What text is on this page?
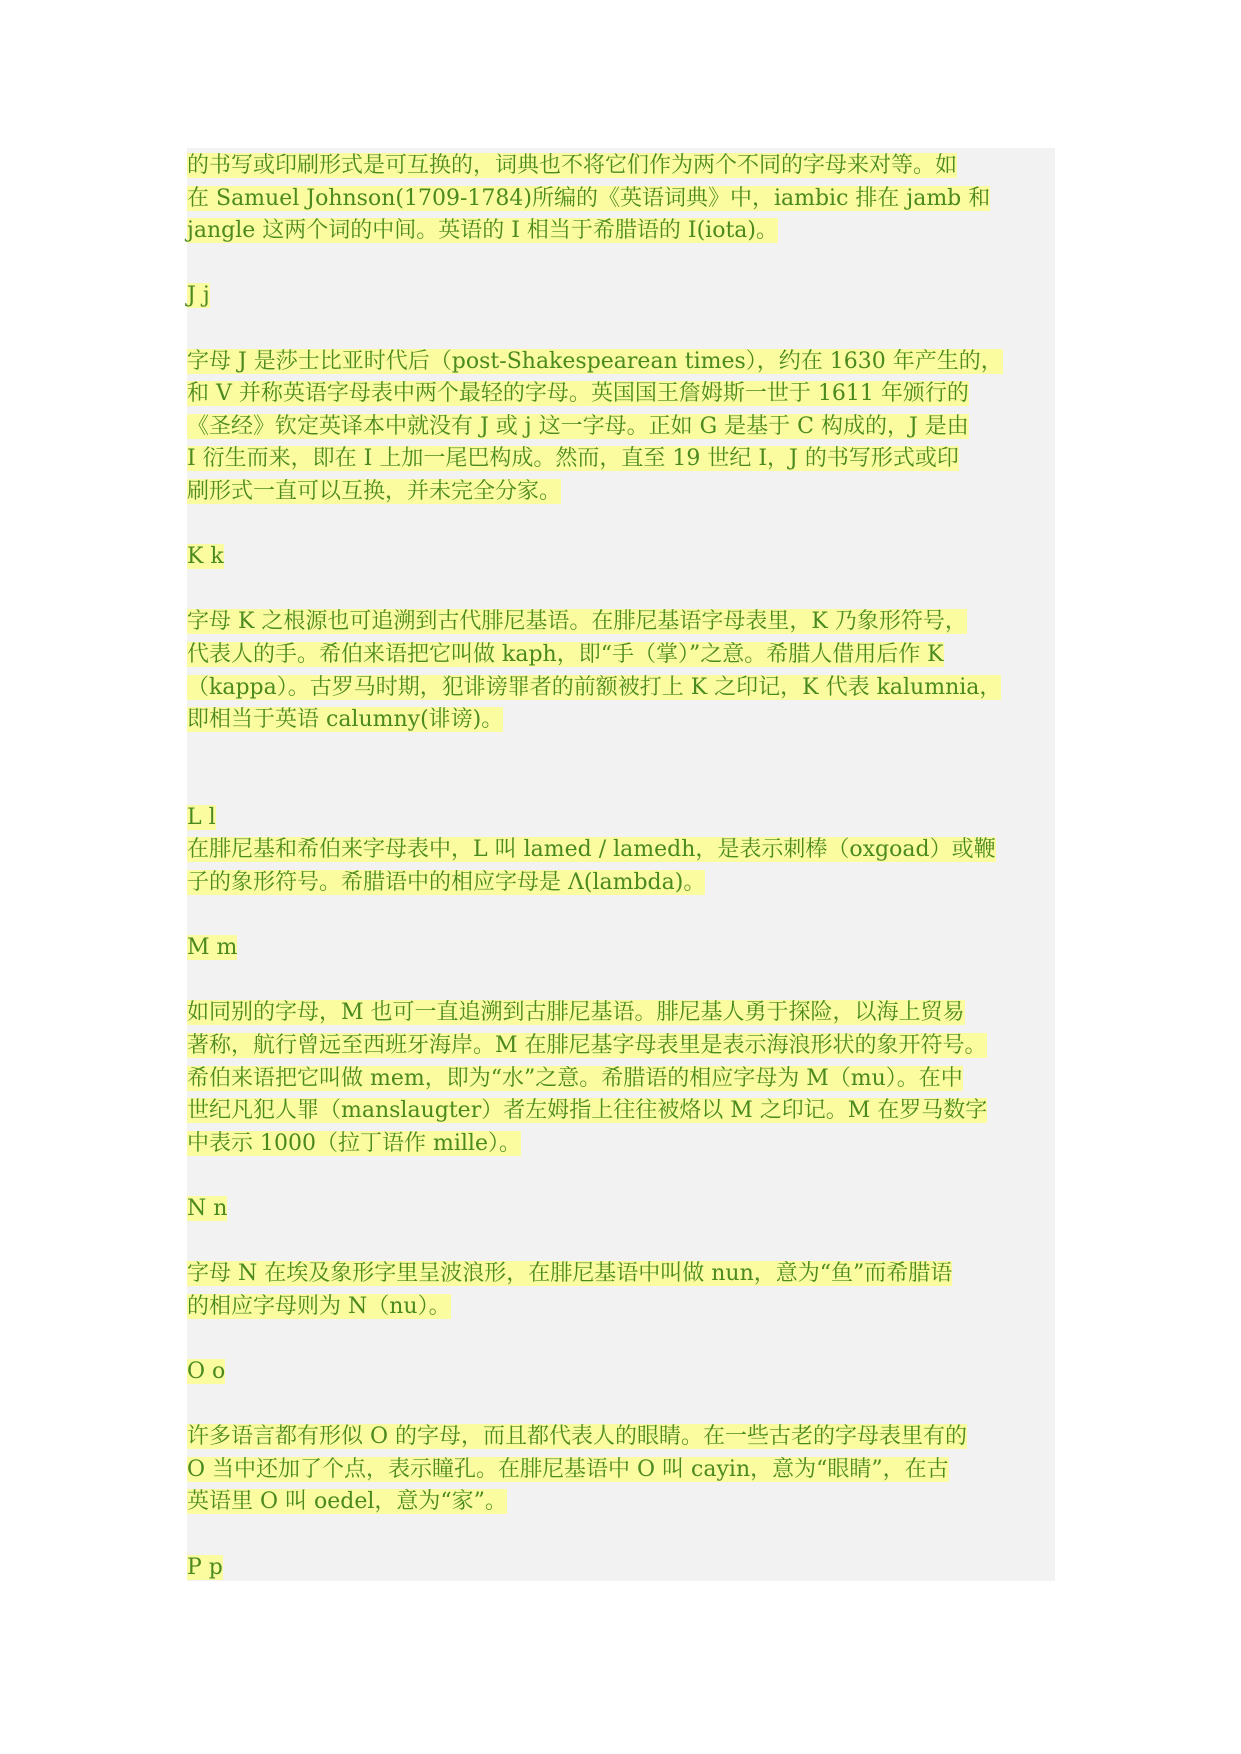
的书写或印刷形式是可互换的，词典也不将它们作为两个不同的字母来对等。如
在 Samuel Johnson(1709-1784)所编的《英语词典》中，iambic 排在 jamb 和
jangle 这两个词的中间。英语的 I 相当于希腊语的 I(iota)。
J j
字母 J 是莎士比亚时代后（post-Shakespearean times），约在 1630 年产生的，
和 V 并称英语字母表中两个最轻的字母。英国国王詹姆斯一世于 1611 年颁行的
《圣经》钦定英译本中就没有 J 或 j 这一字母。正如 G 是基于 C 构成的，J 是由
I 衍生而来，即在 I 上加一尾巴构成。然而，直至 19 世纪 I，J 的书写形式或印
刷形式一直可以互换，并未完全分家。
K k
字母 K 之根源也可追溯到古代腓尼基语。在腓尼基语字母表里，K 乃象形符号，
代表人的手。希伯来语把它叫做 kaph，即“手（掌）”之意。希腊人借用后作 K
（kappa）。古罗马时期，犯诽谤罪者的前额被打上 K 之印记，K 代表 kalumnia，
即相当于英语 calumny(诽谤)。
L l
在腓尼基和希伯来字母表中，L 叫 lamed / lamedh，是表示刺棒（oxgoad）或鞭
子的象形符号。希腊语中的相应字母是 Λ(lambda)。
M m
如同别的字母，M 也可一直追溯到古腓尼基语。腓尼基人勇于探险，以海上贸易
著称，航行曾远至西班牙海岸。M 在腓尼基字母表里是表示海浪形状的象开符号。
希伯来语把它叫做 mem，即为“水”之意。希腊语的相应字母为 M（mu）。在中
世纪凡犯人罪（manslaugter）者左姆指上往往被烙以 M 之印记。M 在罗马数字
中表示 1000（拉丁语作 mille）。
N n
字母 N 在埃及象形字里呈波浪形，在腓尼基语中叫做 nun，意为“鱼”而希腊语
的相应字母则为 N（nu）。
O o
许多语言都有形似 O 的字母，而且都代表人的眼睛。在一些古老的字母表里有的
O 当中还加了个点，表示瞳孔。在腓尼基语中 O 叫 cayin，意为“眼睛”，在古
英语里 O 叫 oedel，意为“家”。
P p
